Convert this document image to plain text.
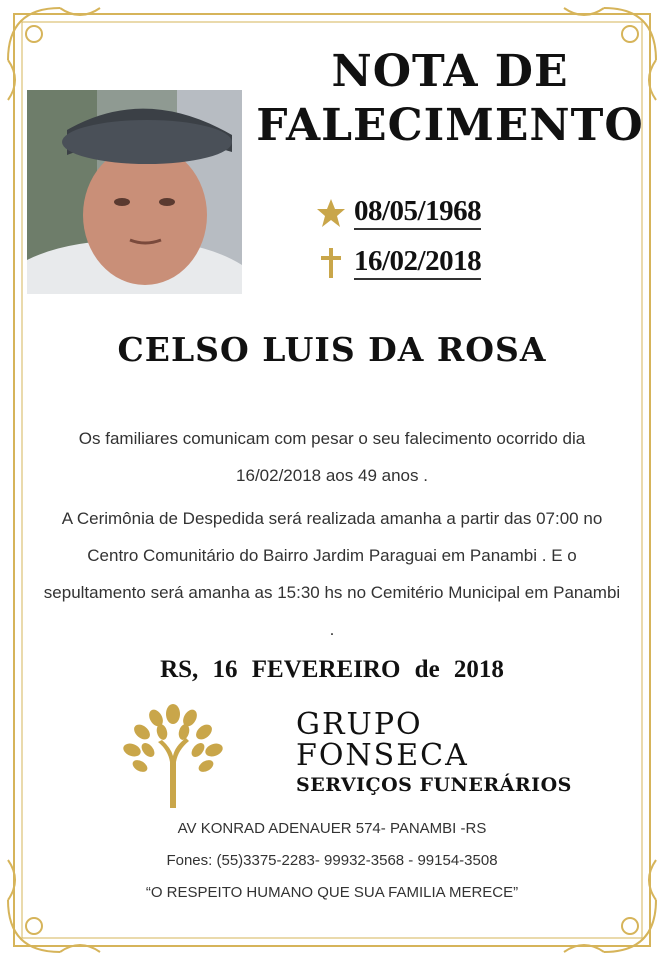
NOTA DE
FALECIMENTO
08/05/1968
16/02/2018
CELSO LUIS DA ROSA
Os familiares comunicam com pesar o seu falecimento ocorrido dia 16/02/2018 aos 49 anos .
A Cerimônia de Despedida será realizada amanha a partir das 07:00 no Centro Comunitário do Bairro Jardim Paraguai em Panambi . E o sepultamento será amanha as 15:30 hs no Cemitério Municipal em Panambi .
RS, 16 FEVEREIRO de 2018
GRUPO
FONSECA
SERVIÇOS FUNERÁRIOS
AV KONRAD ADENAUER 574- PANAMBI -RS
Fones: (55)3375-2283- 99932-3568 - 99154-3508
“O RESPEITO HUMANO QUE SUA FAMILIA MERECE”
